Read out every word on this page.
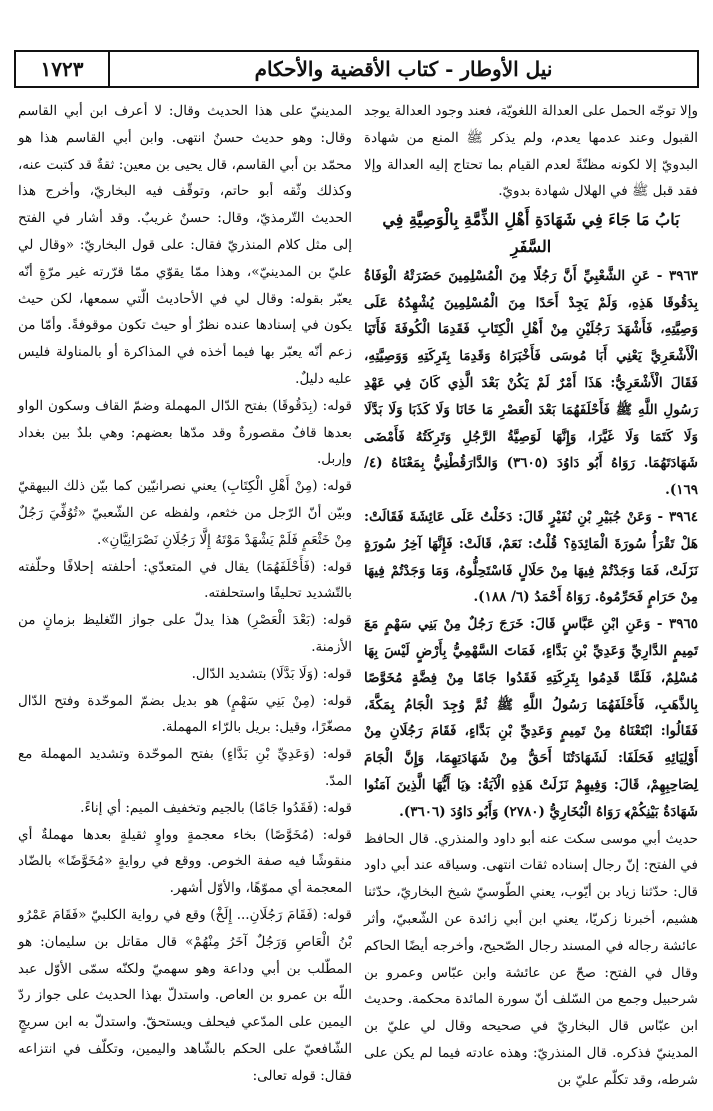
١٧٢٣	نيل الأوطار - كتاب الأقضية والأحكام

وإلا توجّه الحمل على العدالة اللغويّة، فعند وجود العدالة يوجد القبول وعند عدمها يعدم، ولم يذكر ﷺ المنع من شهادة البدويّ إلا لكونه مظنّةً لعدم القيام بما تحتاج إليه العدالة وإلا فقد قبل ﷺ في الهلال شهادة بدويّ.

بَابُ مَا جَاءَ فِي شَهَادَةِ أَهْلِ الذِّمَّةِ بِالْوَصِيَّةِ فِي السَّفَرِ

٣٩٦٣ - عَنِ الشَّعْبِيِّ أَنَّ رَجُلًا مِنَ الْمُسْلِمِينَ حَضَرَتْهُ الْوَفَاةُ بِدَقُوقَا هَذِهِ، وَلَمْ يَجِدْ أَحَدًا مِنَ الْمُسْلِمِينَ يُشْهِدُهُ عَلَى وَصِيَّتِهِ، فَأَشْهَدَ رَجُلَيْنِ مِنْ أَهْلِ الْكِتَابِ فَقَدِمَا الْكُوفَةَ فَأَتَيَا الْأَشْعَرِيَّ يَعْنِي أَبَا مُوسَى فَأَخْبَرَاهُ وَقَدِمَا بِتَرِكَتِهِ وَوَصِيَّتِهِ، فَقَالَ الْأَشْعَرِيُّ: هَذَا أَمْرٌ لَمْ يَكُنْ بَعْدَ الَّذِي كَانَ فِي عَهْدِ رَسُولِ اللَّهِ ﷺ فَأَحْلَفَهُمَا بَعْدَ الْعَصْرِ مَا خَانَا وَلَا كَذَبَا وَلَا بَدَّلَا وَلَا كَتَمَا وَلَا غَيَّرَا، وَإِنَّهَا لَوَصِيَّةُ الرَّجُلِ وَتَرِكَتُهُ فَأَمْضَى شَهَادَتَهُمَا. رَوَاهُ أَبُو دَاوُدَ (٣٦٠٥) وَالدَّارَقُطْنِيُّ بِمَعْنَاهُ (٤/ ١٦٩).

٣٩٦٤ - وَعَنْ جُبَيْرِ بْنِ نُفَيْرٍ قَالَ: دَخَلْتُ عَلَى عَائِشَةَ فَقَالَتْ: هَلْ تَقْرَأُ سُورَةَ الْمَائِدَةِ؟ قُلْتُ: نَعَمْ، قَالَتْ: فَإِنَّهَا آخِرُ سُورَةٍ نَزَلَتْ، فَمَا وَجَدْتُمْ فِيهَا مِنْ حَلَالٍ فَاسْتَحِلُّوهُ، وَمَا وَجَدْتُمْ فِيهَا مِنْ حَرَامٍ فَحَرِّمُوهُ. رَوَاهُ أَحْمَدُ (٦/ ١٨٨).

٣٩٦٥ - وَعَنِ ابْنِ عَبَّاسٍ قَالَ: خَرَجَ رَجُلٌ مِنْ بَنِي سَهْمٍ مَعَ تَمِيمٍ الدَّارِيِّ وَعَدِيِّ بْنِ بَدَّاءٍ، فَمَاتَ السَّهْمِيُّ بِأَرْضٍ لَيْسَ بِهَا مُسْلِمٌ، فَلَمَّا قَدِمُوا بِتَرِكَتِهِ فَقَدُوا جَامًا مِنْ فِضَّةٍ مُخَوَّصًا بِالذَّهَبِ، فَأَحْلَفَهُمَا رَسُولُ اللَّهِ ﷺ ثُمَّ وُجِدَ الْجَامُ بِمَكَّةَ، فَقَالُوا: ابْتَعْنَاهُ مِنْ تَمِيمٍ وَعَدِيِّ بْنِ بَدَّاءٍ، فَقَامَ رَجُلَانِ مِنْ أَوْلِيَائِهِ فَحَلَفَا: لَشَهَادَتُنَا أَحَقُّ مِنْ شَهَادَتِهِمَا، وَإِنَّ الْجَامَ لِصَاحِبِهِمْ، قَالَ: وَفِيهِمْ نَزَلَتْ هَذِهِ الْآيَةُ: ﴿يَا أَيُّهَا الَّذِينَ آمَنُوا شَهَادَةُ بَيْنِكُمْ﴾ رَوَاهُ الْبُخَارِيُّ (٢٧٨٠) وَأَبُو دَاوُدَ (٣٦٠٦).

حديث أبي موسى سكت عنه أبو داود والمنذري. قال الحافظ في الفتح: إنّ رجال إسناده ثقات انتهى. وسياقه عند أبي داود قال: حدّثنا زياد بن أيّوب، يعني الطّوسيّ شيخ البخاريّ، حدّثنا هشيم، أخبرنا زكريّا، يعني ابن أبي زائدة عن الشّعبيّ، وأثر عائشة رجاله في المسند رجال الصّحيح، وأخرجه أيضًا الحاكم وقال في الفتح: صحّ عن عائشة وابن عبّاس وعمرو بن شرحبيل وجمع من السّلف أنّ سورة المائدة محكمة. وحديث ابن عبّاس قال البخاريّ في صحيحه وقال لي عليّ بن المدينيّ فذكره. قال المنذريّ: وهذه عادته فيما لم يكن على شرطه، وقد تكلّم عليّ بن

المدينيّ على هذا الحديث وقال: لا أعرف ابن أبي القاسم وقال: وهو حديث حسنٌ انتهى. وابن أبي القاسم هذا هو محمّد بن أبي القاسم، قال يحيى بن معين: ثقةٌ قد كتبت عنه، وكذلك وثّقه أبو حاتم، وتوقّف فيه البخاريّ، وأخرج هذا الحديث التّرمذيّ، وقال: حسنٌ غريبٌ. وقد أشار في الفتح إلى مثل كلام المنذريّ فقال: على قول البخاريّ: «وقال لي عليّ بن المدينيّ»، وهذا ممّا يقوّي ممّا قرّرته غير مرّةٍ أنّه يعبّر بقوله: وقال لي في الأحاديث الّتي سمعها، لكن حيث يكون في إسنادها عنده نظرٌ أو حيث تكون موقوفةً. وأمّا من زعم أنّه يعبّر بها فيما أخذه في المذاكرة أو بالمناولة فليس عليه دليلٌ.

قوله: (بِدَقُوقَا) بفتح الدّال المهملة وضمّ القاف وسكون الواو بعدها قافٌ مقصورةٌ وقد مدّها بعضهم: وهي بلدٌ بين بغداد وإربل.

قوله: (مِنْ أَهْلِ الْكِتَابِ) يعني نصرانيّين كما بيّن ذلك البيهقيّ وبيّن أنّ الرّجل من خثعم، ولفظه عن الشّعبيّ «تُوُفِّيَ رَجُلٌ مِنْ خَثْعَمٍ فَلَمْ يَشْهَدْ مَوْتَهُ إِلَّا رَجُلَانِ نَصْرَانِيَّانِ».

قوله: (فَأَحْلَفَهُمَا) يقال في المتعدّي: أحلفته إحلافًا وحلّفته بالتّشديد تحليفًا واستحلفته.

قوله: (بَعْدَ الْعَصْرِ) هذا يدلّ على جواز التّغليظ بزمانٍ من الأزمنة.

قوله: (وَلَا بَدَّلَا) بتشديد الدّال.

قوله: (مِنْ بَنِي سَهْمٍ) هو بديل بضمّ الموحّدة وفتح الدّال مصغّرًا، وقيل: بريل بالرّاء المهملة.

قوله: (وَعَدِيِّ بْنِ بَدَّاءٍ) بفتح الموحّدة وتشديد المهملة مع المدّ.

قوله: (فَقَدُوا جَامًا) بالجيم وتخفيف الميم: أي إناءً.

قوله: (مُخَوَّصًا) بخاء معجمةٍ وواوٍ ثقيلةٍ بعدها مهملةٌ أي منقوشًا فيه صفة الخوص. ووقع في روايةٍ «مُخَوَّضًا» بالضّاد المعجمة أي مموّهًا، والأوّل أشهر.

قوله: (فَقَامَ رَجُلَانِ... إِلَخْ) وقع في رواية الكلبيّ «فَقَامَ عَمْرُو بْنُ الْعَاصِ وَرَجُلٌ آخَرُ مِنْهُمْ» قال مقاتل بن سليمان: هو المطّلب بن أبي وداعة وهو سهميّ ولكنّه سمّى الأوّل عبد اللّه بن عمرو بن العاص. واستدلّ بهذا الحديث على جواز ردّ اليمين على المدّعي فيحلف ويستحقّ. واستدلّ به ابن سريجٍ الشّافعيّ على الحكم بالشّاهد واليمين، وتكلّف في انتزاعه فقال: قوله تعالى:
